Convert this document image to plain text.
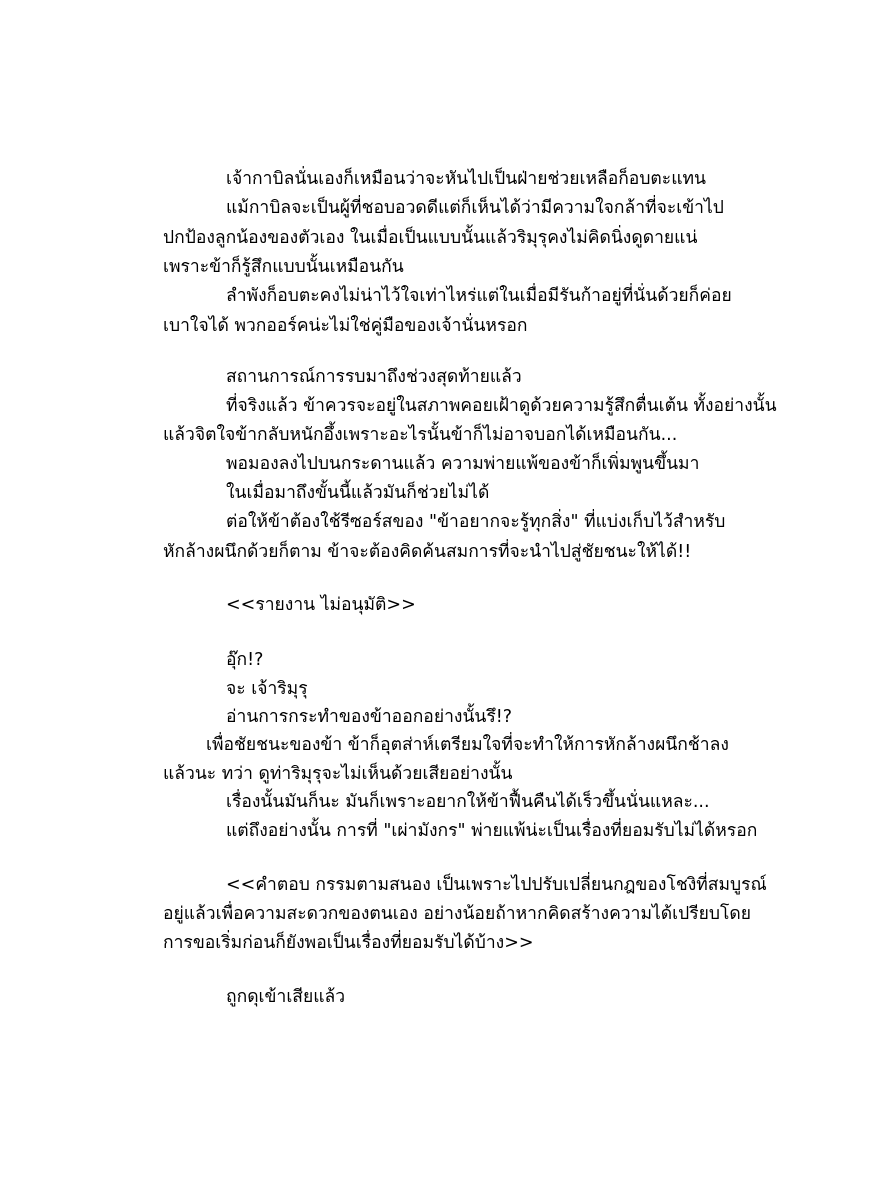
เจ้ากาบิลนั่นเองก็เหมือนว่าจะหันไปเป็นฝ่ายช่วยเหลือก็อบตะแทน
แม้กาบิลจะเป็นผู้ที่ชอบอวดดีแต่ก็เห็นได้ว่ามีความใจกล้าที่จะเข้าไป
ปกป้องลูกน้องของตัวเอง ในเมื่อเป็นแบบนั้นแล้วริมุรุคงไม่คิดนิ่งดูดายแน่
เพราะข้าก็รู้สึกแบบนั้นเหมือนกัน
ลำพังก็อบตะคงไม่น่าไว้ใจเท่าไหร่แต่ในเมื่อมีรันก้าอยู่ที่นั่นด้วยก็ค่อย
เบาใจได้ พวกออร์คน่ะไม่ใช่คู่มือของเจ้านั่นหรอก
สถานการณ์การรบมาถึงช่วงสุดท้ายแล้ว
ที่จริงแล้ว ข้าควรจะอยู่ในสภาพคอยเฝ้าดูด้วยความรู้สึกตื่นเต้น ทั้งอย่างนั้น
แล้วจิตใจข้ากลับหนักอึ้งเพราะอะไรนั้นข้าก็ไม่อาจบอกได้เหมือนกัน...
พอมองลงไปบนกระดานแล้ว ความพ่ายแพ้ของข้าก็เพิ่มพูนขึ้นมา
ในเมื่อมาถึงขั้นนี้แล้วมันก็ช่วยไม่ได้
ต่อให้ข้าต้องใช้รีซอร์สของ "ข้าอยากจะรู้ทุกสิ่ง" ที่แบ่งเก็บไว้สำหรับ
หักล้างผนึกด้วยก็ตาม ข้าจะต้องคิดค้นสมการที่จะนำไปสู่ชัยชนะให้ได้!!
<<รายงาน ไม่อนุมัติ>>
อุ๊ก!?
จะ เจ้าริมุรุ
อ่านการกระทำของข้าออกอย่างนั้นรึ!?
เพื่อชัยชนะของข้า ข้าก็อุตส่าห์เตรียมใจที่จะทำให้การหักล้างผนึกช้าลง
แล้วนะ ทว่า ดูท่าริมุรุจะไม่เห็นด้วยเสียอย่างนั้น
เรื่องนั้นมันก็นะ มันก็เพราะอยากให้ข้าฟื้นคืนได้เร็วขึ้นนั่นแหละ...
แต่ถึงอย่างนั้น การที่ "เผ่ามังกร" พ่ายแพ้น่ะเป็นเรื่องที่ยอมรับไม่ได้หรอก
<<คำตอบ กรรมตามสนอง เป็นเพราะไปปรับเปลี่ยนกฎของโชงิที่สมบูรณ์
อยู่แล้วเพื่อความสะดวกของตนเอง อย่างน้อยถ้าหากคิดสร้างความได้เปรียบโดย
การขอเริ่มก่อนก็ยังพอเป็นเรื่องที่ยอมรับได้บ้าง>>
ถูกดุเข้าเสียแล้ว
